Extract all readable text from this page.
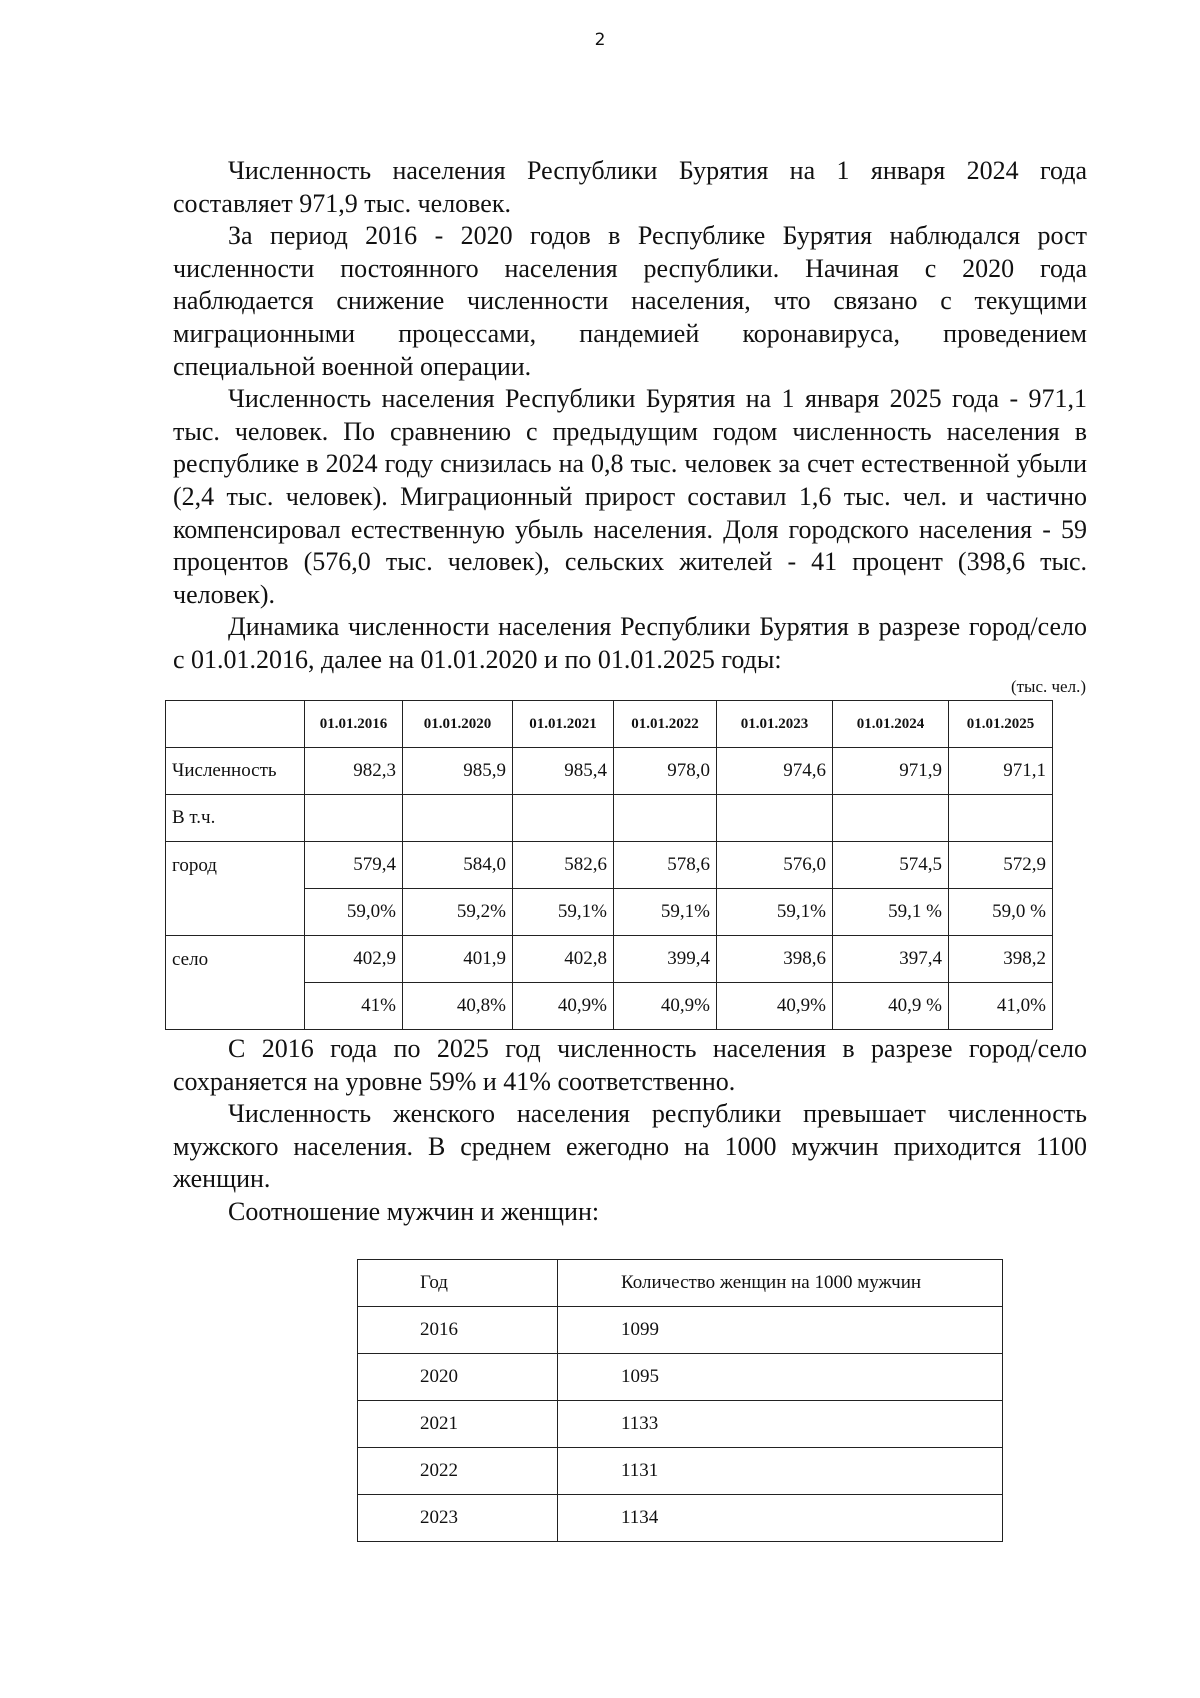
2

Численность населения Республики Бурятия на 1 января 2024 года составляет 971,9 тыс. человек.

За период 2016 - 2020 годов в Республике Бурятия наблюдался рост численности постоянного населения республики. Начиная с 2020 года наблюдается снижение численности населения, что связано с текущими миграционными процессами, пандемией коронавируса, проведением специальной военной операции.

Численность населения Республики Бурятия на 1 января 2025 года - 971,1 тыс. человек. По сравнению с предыдущим годом численность населения в республике в 2024 году снизилась на 0,8 тыс. человек за счет естественной убыли (2,4 тыс. человек). Миграционный прирост составил 1,6 тыс. чел. и частично компенсировал естественную убыль населения. Доля городского населения - 59 процентов (576,0 тыс. человек), сельских жителей - 41 процент (398,6 тыс. человек).

Динамика численности населения Республики Бурятия в разрезе город/село с 01.01.2016, далее на 01.01.2020 и по 01.01.2025 годы:

(тыс. чел.)
	01.01.2016	01.01.2020	01.01.2021	01.01.2022	01.01.2023	01.01.2024	01.01.2025
Численность	982,3	985,9	985,4	978,0	974,6	971,9	971,1
В т.ч.							
город	579,4	584,0	582,6	578,6	576,0	574,5	572,9
	59,0%	59,2%	59,1%	59,1%	59,1%	59,1 %	59,0 %
село	402,9	401,9	402,8	399,4	398,6	397,4	398,2
	41%	40,8%	40,9%	40,9%	40,9%	40,9 %	41,0%

С 2016 года по 2025 год численность населения в разрезе город/село сохраняется на уровне 59% и 41% соответственно.

Численность женского населения республики превышает численность мужского населения. В среднем ежегодно на 1000 мужчин приходится 1100 женщин.

Соотношение мужчин и женщин:

Год	Количество женщин на 1000 мужчин
2016	1099
2020	1095
2021	1133
2022	1131
2023	1134
